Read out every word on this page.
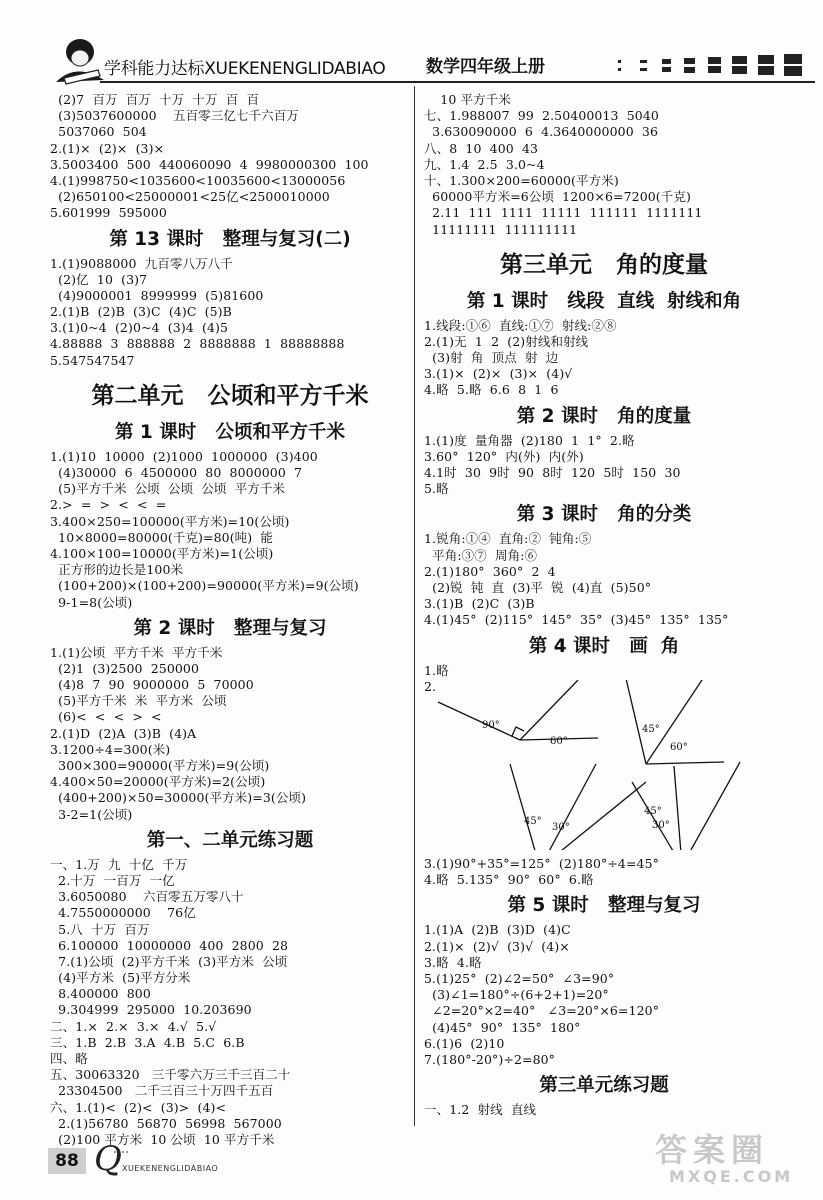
学科能力达标XUEKENENGLIDABIAO 数学四年级上册
(2)7  百万  百万  十万  十万  百  百
(3)5037600000    五百零三亿七千六百万
5037060  504
2.(1)×  (2)×  (3)×
3.5003400  500  440060090  4  9980000300  100
4.(1)998750<1035600<10035600<13000056
(2)650100<25000001<25亿<2500010000
5.601999  595000
第 13 课时   整理与复习(二)
1.(1)9088000  九百零八万八千
(2)亿  10  (3)7
(4)9000001  8999999  (5)81600
2.(1)B  (2)B  (3)C  (4)C  (5)B
3.(1)0~4  (2)0~4  (3)4  (4)5
4.88888  3  888888  2  8888888  1  88888888
5.547547547
第二单元   公顷和平方千米
第 1 课时   公顷和平方千米
1.(1)10  10000  (2)1000  1000000  (3)400
(4)30000  6  4500000  80  8000000  7
(5)平方千米  公顷  公顷  公顷  平方千米
2.>  =  >  <  <  =
3.400×250=100000(平方米)=10(公顷)
10×8000=80000(千克)=80(吨)  能
4.100×100=10000(平方米)=1(公顷)
正方形的边长是100米
(100+200)×(100+200)=90000(平方米)=9(公顷)
9-1=8(公顷)
第 2 课时   整理与复习
1.(1)公顷  平方千米  平方千米
(2)1  (3)2500  250000
(4)8  7  90  9000000  5  70000
(5)平方千米  米  平方米  公顷
(6)<  <  <  >  <
2.(1)D  (2)A  (3)B  (4)A
3.1200÷4=300(米)
300×300=90000(平方米)=9(公顷)
4.400×50=20000(平方米)=2(公顷)
(400+200)×50=30000(平方米)=3(公顷)
3-2=1(公顷)
第一、二单元练习题
一、1.万  九  十亿  千万
2.十万  一百万  一亿
3.6050080    六百零五万零八十
4.7550000000    76亿
5.八  十万  百万
6.100000  10000000  400  2800  28
7.(1)公顷  (2)平方千米  (3)平方米  公顷
(4)平方米  (5)平方分米
8.400000  800
9.304999  295000  10.203690
二、1.×  2.×  3.×  4.√  5.√
三、1.B  2.B  3.A  4.B  5.C  6.B
四、略
五、30063320   三千零六万三千三百二十
23304500   二千三百三十万四千五百
六、1.(1)<  (2)<  (3)>  (4)<
2.(1)56780  56870  56998  567000
(2)100 平方米  10 公顷  10 平方千米
10 平方千米
七、1.988007  99  2.50400013  5040
3.630090000  6  4.3640000000  36
八、8  10  400  43
九、1.4  2.5  3.0~4
十、1.300×200=60000(平方米)
60000平方米=6公顷  1200×6=7200(千克)
2.11  111  1111  11111  111111  1111111
11111111  111111111
第三单元   角的度量
第 1 课时   线段  直线  射线和角
1.线段:①⑥  直线:①⑦  射线:②⑧
2.(1)无  1  2  (2)射线和射线
(3)射  角  顶点  射  边
3.(1)×  (2)×  (3)×  (4)√
4.略  5.略  6.6  8  1  6
第 2 课时   角的度量
1.(1)度  量角器  (2)180  1  1°  2.略
3.60°  120°  内(外)  内(外)
4.1时  30  9时  90  8时  120  5时  150  30
5.略
第 3 课时   角的分类
1.锐角:①④  直角:②  钝角:⑤
平角:③⑦  周角:⑥
2.(1)180°  360°  2  4
(2)锐  钝  直  (3)平  锐  (4)直  (5)50°
3.(1)B  (2)C  (3)B
4.(1)45°  (2)115°  145°  35°  (3)45°  135°  135°
第 4 课时   画  角
1.略
2.
90°
60°
45°
60°
45°
30°
45°
30°
3.(1)90°+35°=125°  (2)180°÷4=45°
4.略  5.135°  90°  60°  6.略
第 5 课时   整理与复习
1.(1)A  (2)B  (3)D  (4)C
2.(1)×  (2)√  (3)√  (4)×
3.略  4.略
5.(1)25°  (2)∠2=50°  ∠3=90°
(3)∠1=180°÷(6+2+1)=20°
∠2=20°×2=40°   ∠3=20°×6=120°
(4)45°  90°  135°  180°
6.(1)6  (2)10
7.(180°-20°)÷2=80°
第三单元练习题
一、1.2  射线  直线
88 Q XUEKENENGLIDABIAO	答案圈
MXQE.COM
